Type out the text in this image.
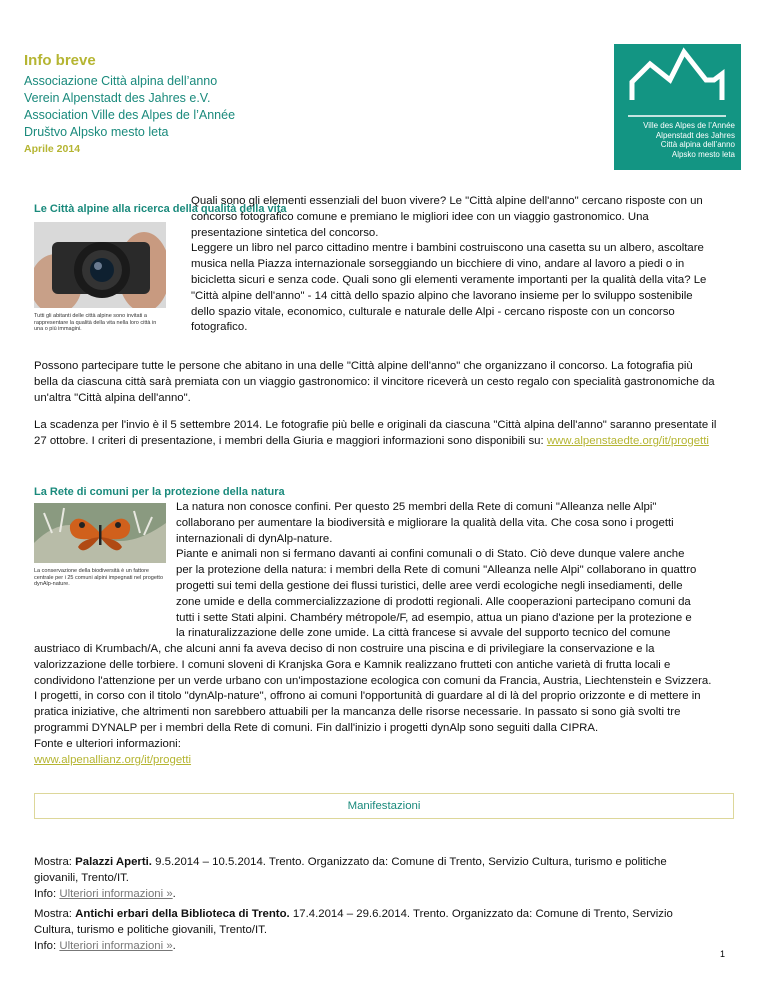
Info breve
Associazione Città alpina dell’anno
Verein Alpenstadt des Jahres e.V.
Association Ville des Alpes de l’Année
Društvo Alpsko mesto leta
Aprile 2014
Ville des Alpes de l’Année
Alpenstadt des Jahres
Città alpina dell’anno
Alpsko mesto leta
Le Città alpine alla ricerca della qualità della vita
Tutti gli abitanti delle città alpine sono invitati a rappresentare la qualità della vita nella loro città in una o più immagini.
Quali sono gli elementi essenziali del buon vivere? Le "Città alpine dell'anno" cercano risposte con un
concorso fotografico comune e premiano le migliori idee con un viaggio gastronomico. Una
presentazione sintetica del concorso.
Leggere un libro nel parco cittadino mentre i bambini costruiscono una casetta su un albero, ascoltare
musica nella Piazza internazionale sorseggiando un bicchiere di vino, andare al lavoro a piedi o in
bicicletta sicuri e senza code. Quali sono gli elementi veramente importanti per la qualità della vita? Le
"Città alpine dell'anno" - 14 città dello spazio alpino che lavorano insieme per lo sviluppo sostenibile
dello spazio vitale, economico, culturale e naturale delle Alpi - cercano risposte con un concorso
fotografico.
Possono partecipare tutte le persone che abitano in una delle "Città alpine dell'anno" che organizzano il concorso. La fotografia più
bella da ciascuna città sarà premiata con un viaggio gastronomico: il vincitore riceverà un cesto regalo con specialità gastronomiche da
un'altra "Città alpina dell'anno".
La scadenza per l'invio è il 5 settembre 2014. Le fotografie più belle e originali da ciascuna "Città alpina dell'anno" saranno presentate il
27 ottobre. I criteri di presentazione, i membri della Giuria e maggiori informazioni sono disponibili su: www.alpenstaedte.org/it/progetti
La Rete di comuni per la protezione della natura
La conservazione della biodiversità è un fattore centrale per i 25 comuni alpini impegnati nel progetto dynAlp-nature.
La natura non conosce confini. Per questo 25 membri della Rete di comuni "Alleanza nelle Alpi"
collaborano per aumentare la biodiversità e migliorare la qualità della vita. Che cosa sono i progetti
internazionali di dynAlp-nature.
Piante e animali non si fermano davanti ai confini comunali o di Stato. Ciò deve dunque valere anche
per la protezione della natura: i membri della Rete di comuni "Alleanza nelle Alpi" collaborano in quattro
progetti sui temi della gestione dei flussi turistici, delle aree verdi ecologiche negli insediamenti, delle
zone umide e della commercializzazione di prodotti regionali. Alle cooperazioni partecipano comuni da
tutti i sette Stati alpini. Chambéry métropole/F, ad esempio, attua un piano d'azione per la protezione e
la rinaturalizzazione delle zone umide. La città francese si avvale del supporto tecnico del comune
austriaco di Krumbach/A, che alcuni anni fa aveva deciso di non costruire una piscina e di privilegiare la conservazione e la
valorizzazione delle torbiere. I comuni sloveni di Kranjska Gora e Kamnik realizzano frutteti con antiche varietà di frutta locali e
condividono l'attenzione per un verde urbano con un'impostazione ecologica con comuni da Francia, Austria, Liechtenstein e Svizzera.
I progetti, in corso con il titolo "dynAlp-nature", offrono ai comuni l'opportunità di guardare al di là del proprio orizzonte e di mettere in
pratica iniziative, che altrimenti non sarebbero attuabili per la mancanza delle risorse necessarie. In passato si sono già svolti tre
programmi DYNALP per i membri della Rete di comuni. Fin dall'inizio i progetti dynAlp sono seguiti dalla CIPRA.
Fonte e ulteriori informazioni:
www.alpenallianz.org/it/progetti
Manifestazioni
Mostra: Palazzi Aperti. 9.5.2014 – 10.5.2014. Trento. Organizzato da: Comune di Trento, Servizio Cultura, turismo e politiche
giovanili, Trento/IT.
Info: Ulteriori informazioni ».
Mostra: Antichi erbari della Biblioteca di Trento. 17.4.2014 – 29.6.2014. Trento. Organizzato da: Comune di Trento, Servizio
Cultura, turismo e politiche giovanili, Trento/IT.
Info: Ulteriori informazioni ».
1
